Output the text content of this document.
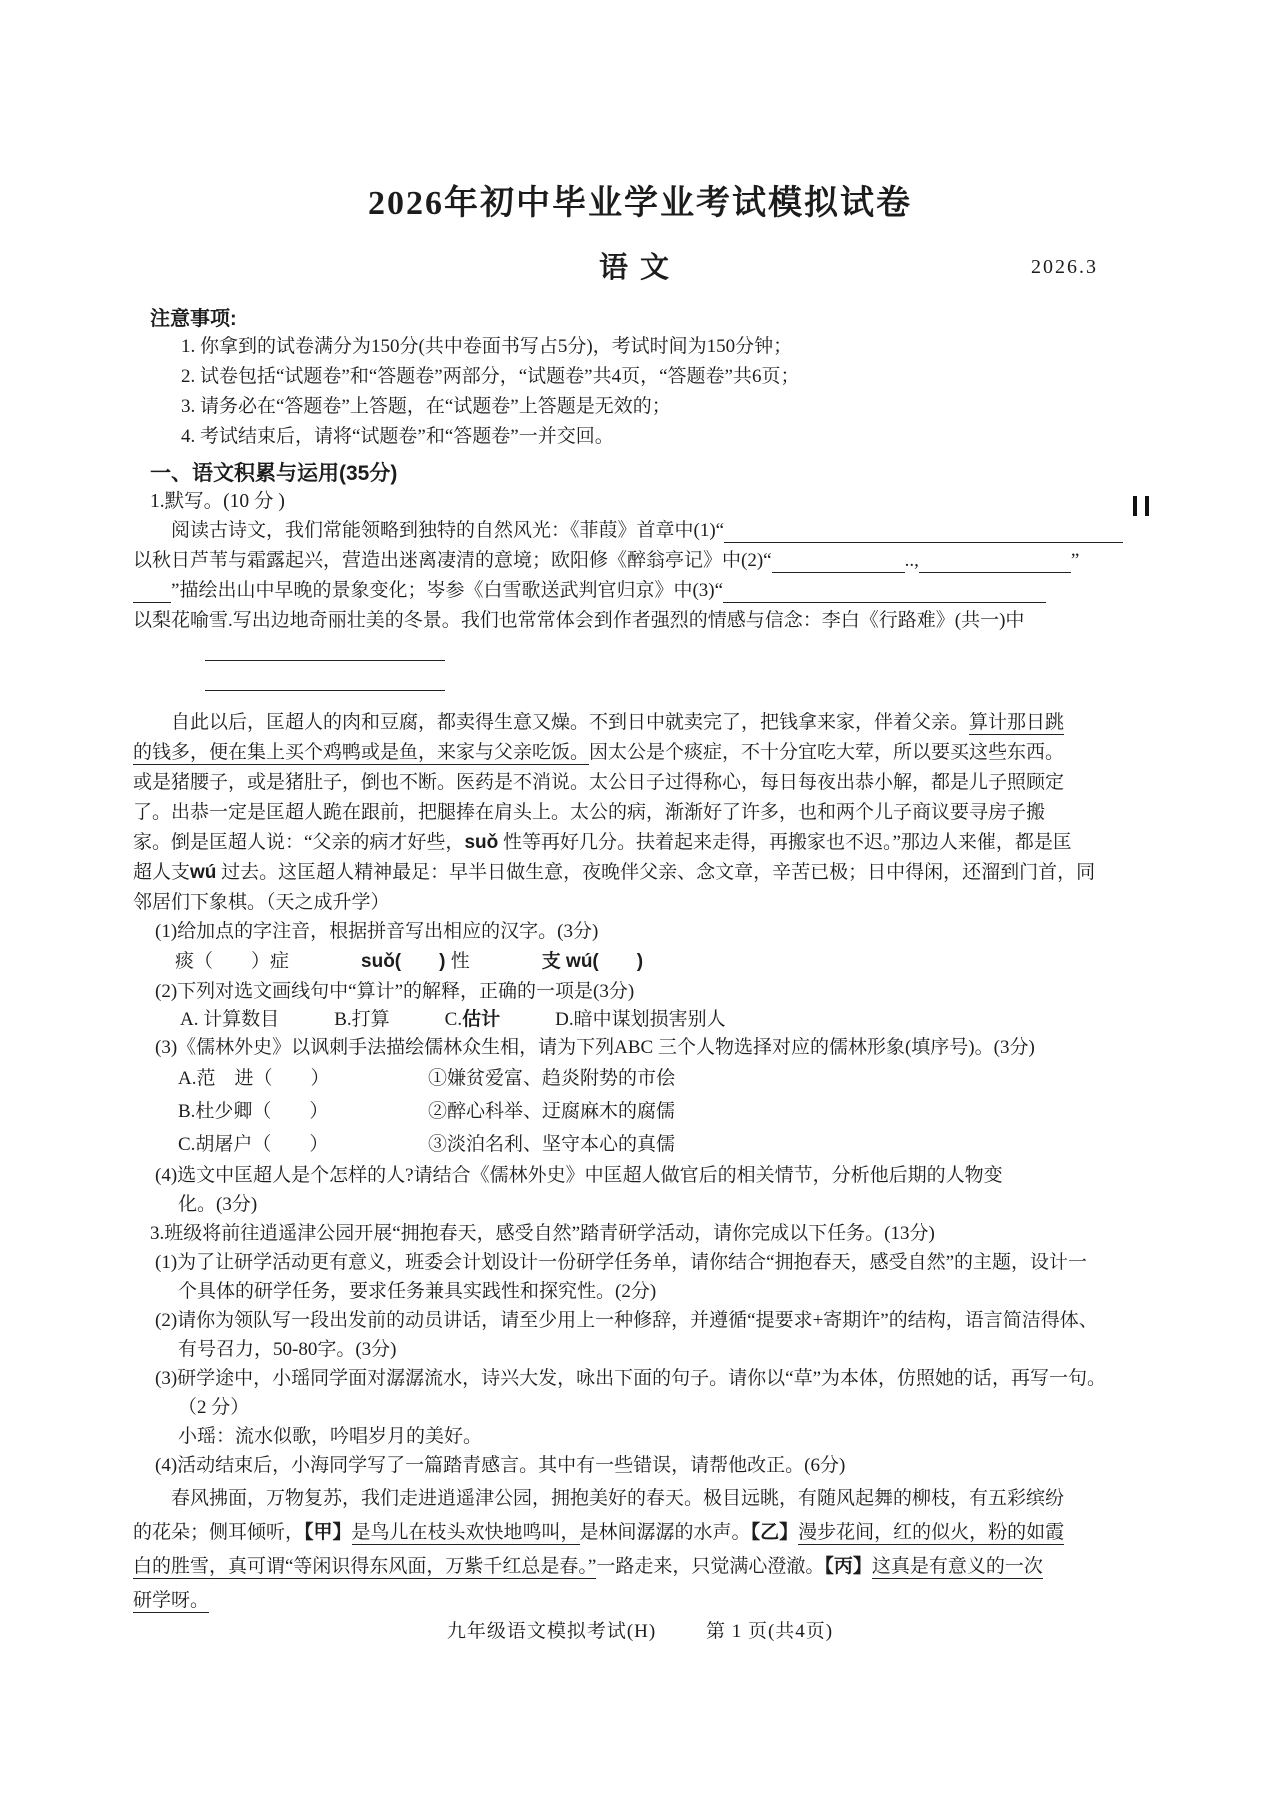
2026年初中毕业学业考试模拟试卷
语文	2026.3
注意事项:
1. 你拿到的试卷满分为150分(共中卷面书写占5分)，考试时间为150分钟；
2. 试卷包括“试题卷”和“答题卷”两部分，“试题卷”共4页，“答题卷”共6页；
3. 请务必在“答题卷”上答题，在“试题卷”上答题是无效的；
4. 考试结束后，请将“试题卷”和“答题卷”一并交回。
一、语文积累与运用(35分)
1.默写。(10 分 )
　　阅读古诗文，我们常能领略到独特的自然风光：《菲葭》首章中(1)“　　　　　　　　　　　　　　　　　　　　　
以秋日芦苇与霜露起兴，营造出迷离凄清的意境；欧阳修《醉翁亭记》中(2)“　　　　　　　	..,　　　　　　　　	”
　　”描绘出山中早晚的景象变化；岑参《白雪歌送武判官归京》中(3)“　　　　　　　　　　　　　　　　　
以梨花喻雪.写出边地奇丽壮美的冬景。我们也常常体会到作者强烈的情感与信念：李白《行路难》(共一)中

　　自此以后，匡超人的肉和豆腐，都卖得生意又燥。不到日中就卖完了，把钱拿来家，伴着父亲。算计那日跳
的钱多，便在集上买个鸡鸭或是鱼，来家与父亲吃饭。因太公是个痰症，不十分宜吃大荤，所以要买这些东西。
或是猪腰子，或是猪肚子，倒也不断。医药是不消说。太公日子过得称心，每日每夜出恭小解，都是儿子照顾定
了。出恭一定是匡超人跪在跟前，把腿捧在肩头上。太公的病，渐渐好了许多，也和两个儿子商议要寻房子搬
家。倒是匡超人说：“父亲的病才好些，suǒ 性等再好几分。扶着起来走得，再搬家也不迟。”那边人来催，都是匡
超人支wú 过去。这匡超人精神最足：早半日做生意，夜晚伴父亲、念文章，辛苦已极；日中得闲，还溜到门首，同
邻居们下象棋。（天之成升学）
(1)给加点的字注音，根据拼音写出相应的汉字。(3分)
痰（　　）症	suǒ(　　 ) 性	支 wú(　　 )
(2)下列对选文画线句中“算计”的解释，正确的一项是(3分)
A. 计算数目	B.打算	C.估计	D.暗中谋划损害别人
(3)《儒林外史》以讽刺手法描绘儒林众生相，请为下列ABC 三个人物选择对应的儒林形象(填序号)。(3分)
A.范　进（　　）	①嫌贫爱富、趋炎附势的市侩
B.杜少卿（　　）	②醉心科举、迂腐麻木的腐儒
C.胡屠户（　　）	③淡泊名利、坚守本心的真儒
(4)选文中匡超人是个怎样的人?请结合《儒林外史》中匡超人做官后的相关情节，分析他后期的人物变
化。(3分)
3.班级将前往逍遥津公园开展“拥抱春天，感受自然”踏青研学活动，请你完成以下任务。(13分)
(1)为了让研学活动更有意义，班委会计划设计一份研学任务单，请你结合“拥抱春天，感受自然”的主题，设计一
个具体的研学任务，要求任务兼具实践性和探究性。(2分)
(2)请你为领队写一段出发前的动员讲话，请至少用上一种修辞，并遵循“提要求+寄期许”的结构，语言简洁得体、
有号召力，50-80字。(3分)
(3)研学途中，小瑶同学面对潺潺流水，诗兴大发，咏出下面的句子。请你以“草”为本体，仿照她的话，再写一句。
（2 分）
小瑶：流水似歌，吟唱岁月的美好。
(4)活动结束后，小海同学写了一篇踏青感言。其中有一些错误，请帮他改正。(6分)
　　春风拂面，万物复苏，我们走进逍遥津公园，拥抱美好的春天。极目远眺，有随风起舞的柳枝，有五彩缤纷
的花朵；侧耳倾听，【甲】是鸟儿在枝头欢快地鸣叫，是林间潺潺的水声。【乙】漫步花间，红的似火，粉的如霞
白的胜雪，真可谓“等闲识得东风面，万紫千红总是春。”一路走来，只觉满心澄澈。【丙】这真是有意义的一次
研学呀。
九年级语文模拟考试(H)	第 1 页(共4页)
